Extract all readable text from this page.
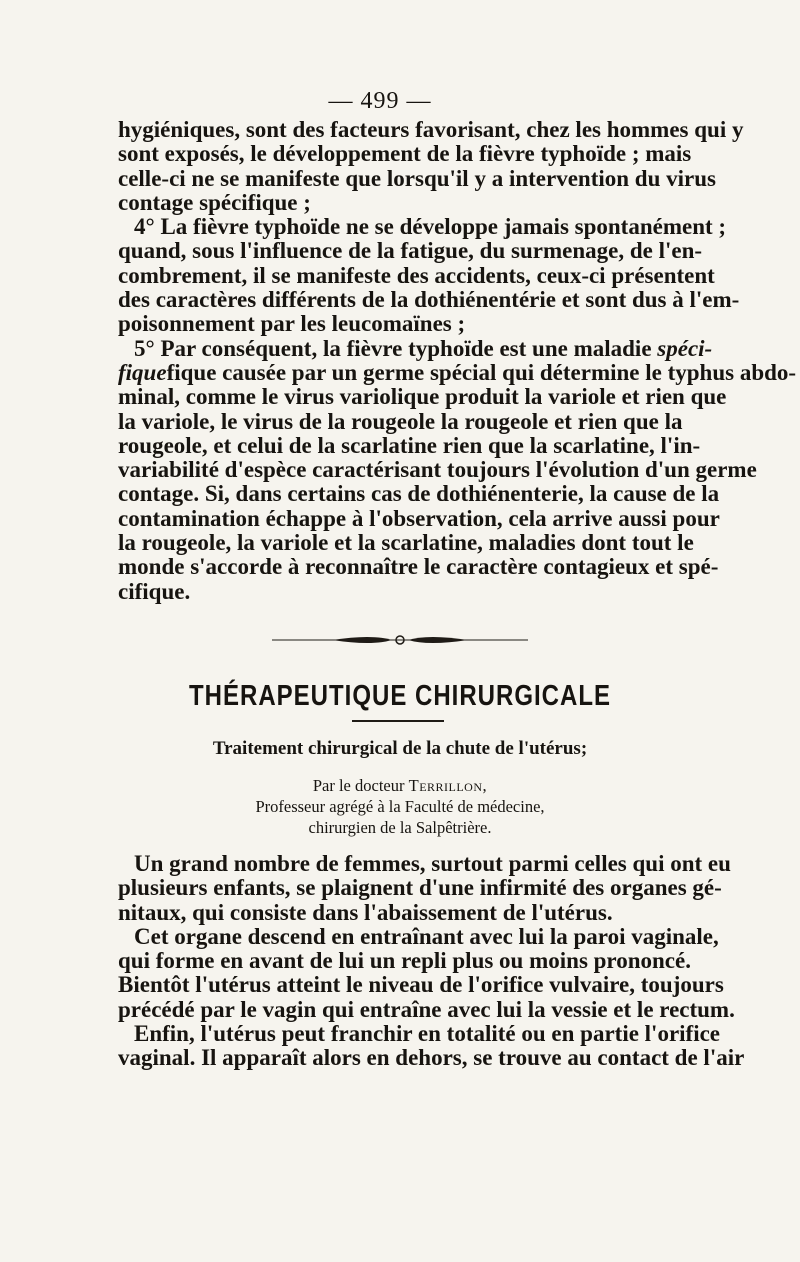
— 499 —
hygiéniques, sont des facteurs favorisant, chez les hommes qui y
sont exposés, le développement de la fièvre typhoïde ; mais
celle-ci ne se manifeste que lorsqu'il y a intervention du virus
contage spécifique ;
4° La fièvre typhoïde ne se développe jamais spontanément ;
quand, sous l'influence de la fatigue, du surmenage, de l'en-
combrement, il se manifeste des accidents, ceux-ci présentent
des caractères différents de la dothiénentérie et sont dus à l'em-
poisonnement par les leucomaïnes ;
5° Par conséquent, la fièvre typhoïde est une maladie spéci-
fiquefique causée par un germe spécial qui détermine le typhus abdo-
minal, comme le virus variolique produit la variole et rien que
la variole, le virus de la rougeole la rougeole et rien que la
rougeole, et celui de la scarlatine rien que la scarlatine, l'in-
variabilité d'espèce caractérisant toujours l'évolution d'un germe
contage. Si, dans certains cas de dothiénenterie, la cause de la
contamination échappe à l'observation, cela arrive aussi pour
la rougeole, la variole et la scarlatine, maladies dont tout le
monde s'accorde à reconnaître le caractère contagieux et spé-
cifique.
THÉRAPEUTIQUE CHIRURGICALE
Traitement chirurgical de la chute de l'utérus;
Par le docteur Terrillon,
Professeur agrégé à la Faculté de médecine,
chirurgien de la Salpêtrière.
Un grand nombre de femmes, surtout parmi celles qui ont eu
plusieurs enfants, se plaignent d'une infirmité des organes gé-
nitaux, qui consiste dans l'abaissement de l'utérus.
Cet organe descend en entraînant avec lui la paroi vaginale,
qui forme en avant de lui un repli plus ou moins prononcé.
Bientôt l'utérus atteint le niveau de l'orifice vulvaire, toujours
précédé par le vagin qui entraîne avec lui la vessie et le rectum.
Enfin, l'utérus peut franchir en totalité ou en partie l'orifice
vaginal. Il apparaît alors en dehors, se trouve au contact de l'air
